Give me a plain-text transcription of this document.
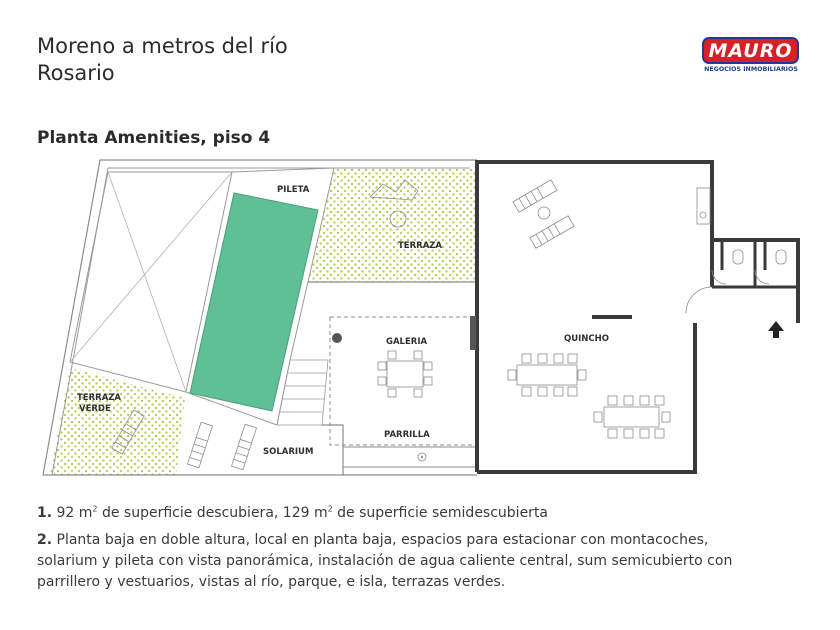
Moreno a metros del río
Rosario
MAURO
NEGOCIOS INMOBILIARIOS
Planta Amenities, piso 4
PILETA
TERRAZA
GALERIA	QUINCHO
TERRAZA
VERDE
PARRILLA
SOLARIUM

1. 92 $m^2$ de superficie descubiera, 129 $m^2$ de superficie semidescubierta

2. Planta baja en doble altura, local en planta baja, espacios para estacionar con montacoches, solarium y pileta con vista panorámica, instalación de agua caliente central, sum semicubierto con parrillero y vestuarios, vistas al río, parque, e isla, terrazas verdes.
